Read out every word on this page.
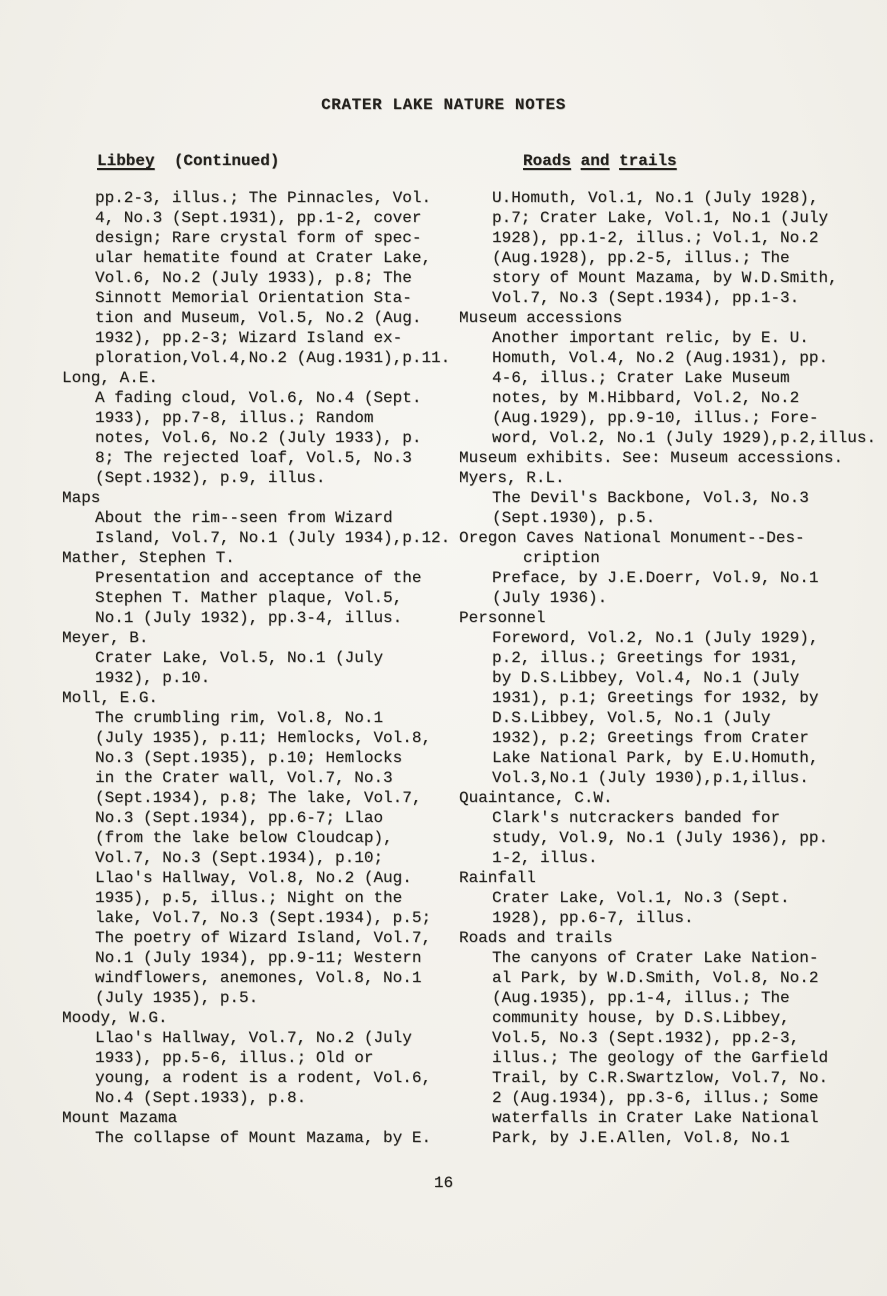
CRATER LAKE NATURE NOTES
Libbey  (Continued)
pp.2-3, illus.; The Pinnacles, Vol.
4, No.3 (Sept.1931), pp.1-2, cover
design; Rare crystal form of spec-
ular hematite found at Crater Lake,
Vol.6, No.2 (July 1933), p.8; The
Sinnott Memorial Orientation Sta-
tion and Museum, Vol.5, No.2 (Aug.
1932), pp.2-3; Wizard Island ex-
ploration,Vol.4,No.2 (Aug.1931),p.11.
Long, A.E.
A fading cloud, Vol.6, No.4 (Sept.
1933), pp.7-8, illus.; Random
notes, Vol.6, No.2 (July 1933), p.
8; The rejected loaf, Vol.5, No.3
(Sept.1932), p.9, illus.
Maps
About the rim--seen from Wizard
Island, Vol.7, No.1 (July 1934),p.12.
Mather, Stephen T.
Presentation and acceptance of the
Stephen T. Mather plaque, Vol.5,
No.1 (July 1932), pp.3-4, illus.
Meyer, B.
Crater Lake, Vol.5, No.1 (July
1932), p.10.
Moll, E.G.
The crumbling rim, Vol.8, No.1
(July 1935), p.11; Hemlocks, Vol.8,
No.3 (Sept.1935), p.10; Hemlocks
in the Crater wall, Vol.7, No.3
(Sept.1934), p.8; The lake, Vol.7,
No.3 (Sept.1934), pp.6-7; Llao
(from the lake below Cloudcap),
Vol.7, No.3 (Sept.1934), p.10;
Llao's Hallway, Vol.8, No.2 (Aug.
1935), p.5, illus.; Night on the
lake, Vol.7, No.3 (Sept.1934), p.5;
The poetry of Wizard Island, Vol.7,
No.1 (July 1934), pp.9-11; Western
windflowers, anemones, Vol.8, No.1
(July 1935), p.5.
Moody, W.G.
Llao's Hallway, Vol.7, No.2 (July
1933), pp.5-6, illus.; Old or
young, a rodent is a rodent, Vol.6,
No.4 (Sept.1933), p.8.
Mount Mazama
The collapse of Mount Mazama, by E.
Roads and trails
U.Homuth, Vol.1, No.1 (July 1928),
p.7; Crater Lake, Vol.1, No.1 (July
1928), pp.1-2, illus.; Vol.1, No.2
(Aug.1928), pp.2-5, illus.; The
story of Mount Mazama, by W.D.Smith,
Vol.7, No.3 (Sept.1934), pp.1-3.
Museum accessions
Another important relic, by E. U.
Homuth, Vol.4, No.2 (Aug.1931), pp.
4-6, illus.; Crater Lake Museum
notes, by M.Hibbard, Vol.2, No.2
(Aug.1929), pp.9-10, illus.; Fore-
word, Vol.2, No.1 (July 1929),p.2,illus.
Museum exhibits. See: Museum accessions.
Myers, R.L.
The Devil's Backbone, Vol.3, No.3
(Sept.1930), p.5.
Oregon Caves National Monument--Des-
cription
Preface, by J.E.Doerr, Vol.9, No.1
(July 1936).
Personnel
Foreword, Vol.2, No.1 (July 1929),
p.2, illus.; Greetings for 1931,
by D.S.Libbey, Vol.4, No.1 (July
1931), p.1; Greetings for 1932, by
D.S.Libbey, Vol.5, No.1 (July
1932), p.2; Greetings from Crater
Lake National Park, by E.U.Homuth,
Vol.3,No.1 (July 1930),p.1,illus.
Quaintance, C.W.
Clark's nutcrackers banded for
study, Vol.9, No.1 (July 1936), pp.
1-2, illus.
Rainfall
Crater Lake, Vol.1, No.3 (Sept.
1928), pp.6-7, illus.
Roads and trails
The canyons of Crater Lake Nation-
al Park, by W.D.Smith, Vol.8, No.2
(Aug.1935), pp.1-4, illus.; The
community house, by D.S.Libbey,
Vol.5, No.3 (Sept.1932), pp.2-3,
illus.; The geology of the Garfield
Trail, by C.R.Swartzlow, Vol.7, No.
2 (Aug.1934), pp.3-6, illus.; Some
waterfalls in Crater Lake National
Park, by J.E.Allen, Vol.8, No.1
16
